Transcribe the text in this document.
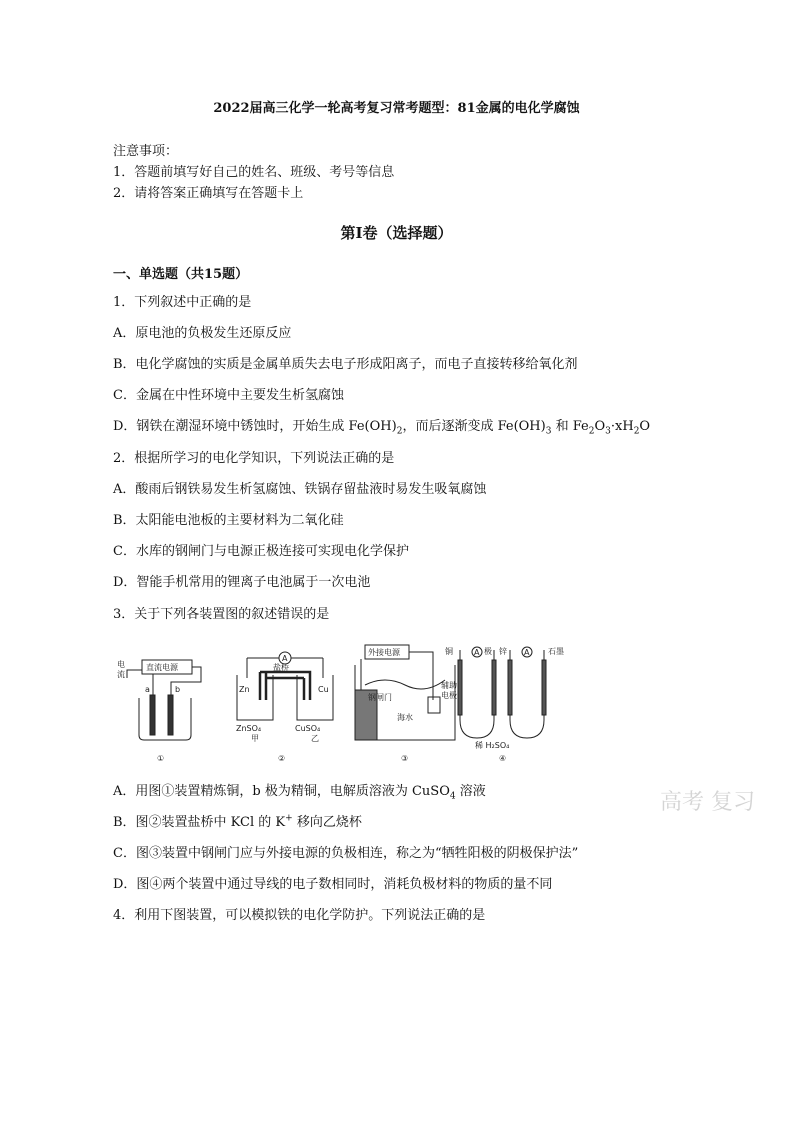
2022届高三化学一轮高考复习常考题型：81金属的电化学腐蚀
注意事项：
1．答题前填写好自己的姓名、班级、考号等信息
2．请将答案正确填写在答题卡上
第I卷（选择题）
一、单选题（共15题）
1．下列叙述中正确的是
A．原电池的负极发生还原反应
B．电化学腐蚀的实质是金属单质失去电子形成阳离子，而电子直接转移给氧化剂
C．金属在中性环境中主要发生析氢腐蚀
D．钢铁在潮湿环境中锈蚀时，开始生成 $Fe(OH)_2$，而后逐渐变成 $Fe(OH)_3$ 和 $Fe_2O_3\cdot xH_2O$
2．根据所学习的电化学知识，下列说法正确的是
A．酸雨后钢铁易发生析氢腐蚀、铁锅存留盐液时易发生吸氧腐蚀
B．太阳能电池板的主要材料为二氧化硅
C．水库的钢闸门与电源正极连接可实现电化学保护
D．智能手机常用的锂离子电池属于一次电池
3．关于下列各装置图的叙述错误的是
电
流
直流电源
a	b
①
A
盐桥
Zn	Cu
ZnSO₄	CuSO₄
甲	乙
②
外接电源
钢闸门
海水
辅助
电极
③
A	A
铜	极 锌	石墨
稀 H₂SO₄
④
高考 复习
A．用图①装置精炼铜，b 极为精铜，电解质溶液为 CuSO$_4$ 溶液
B．图②装置盐桥中 KCl 的 K+ 移向乙烧杯
C．图③装置中钢闸门应与外接电源的负极相连，称之为“牺牲阳极的阴极保护法”
D．图④两个装置中通过导线的电子数相同时，消耗负极材料的物质的量不同
4．利用下图装置，可以模拟铁的电化学防护。下列说法正确的是
